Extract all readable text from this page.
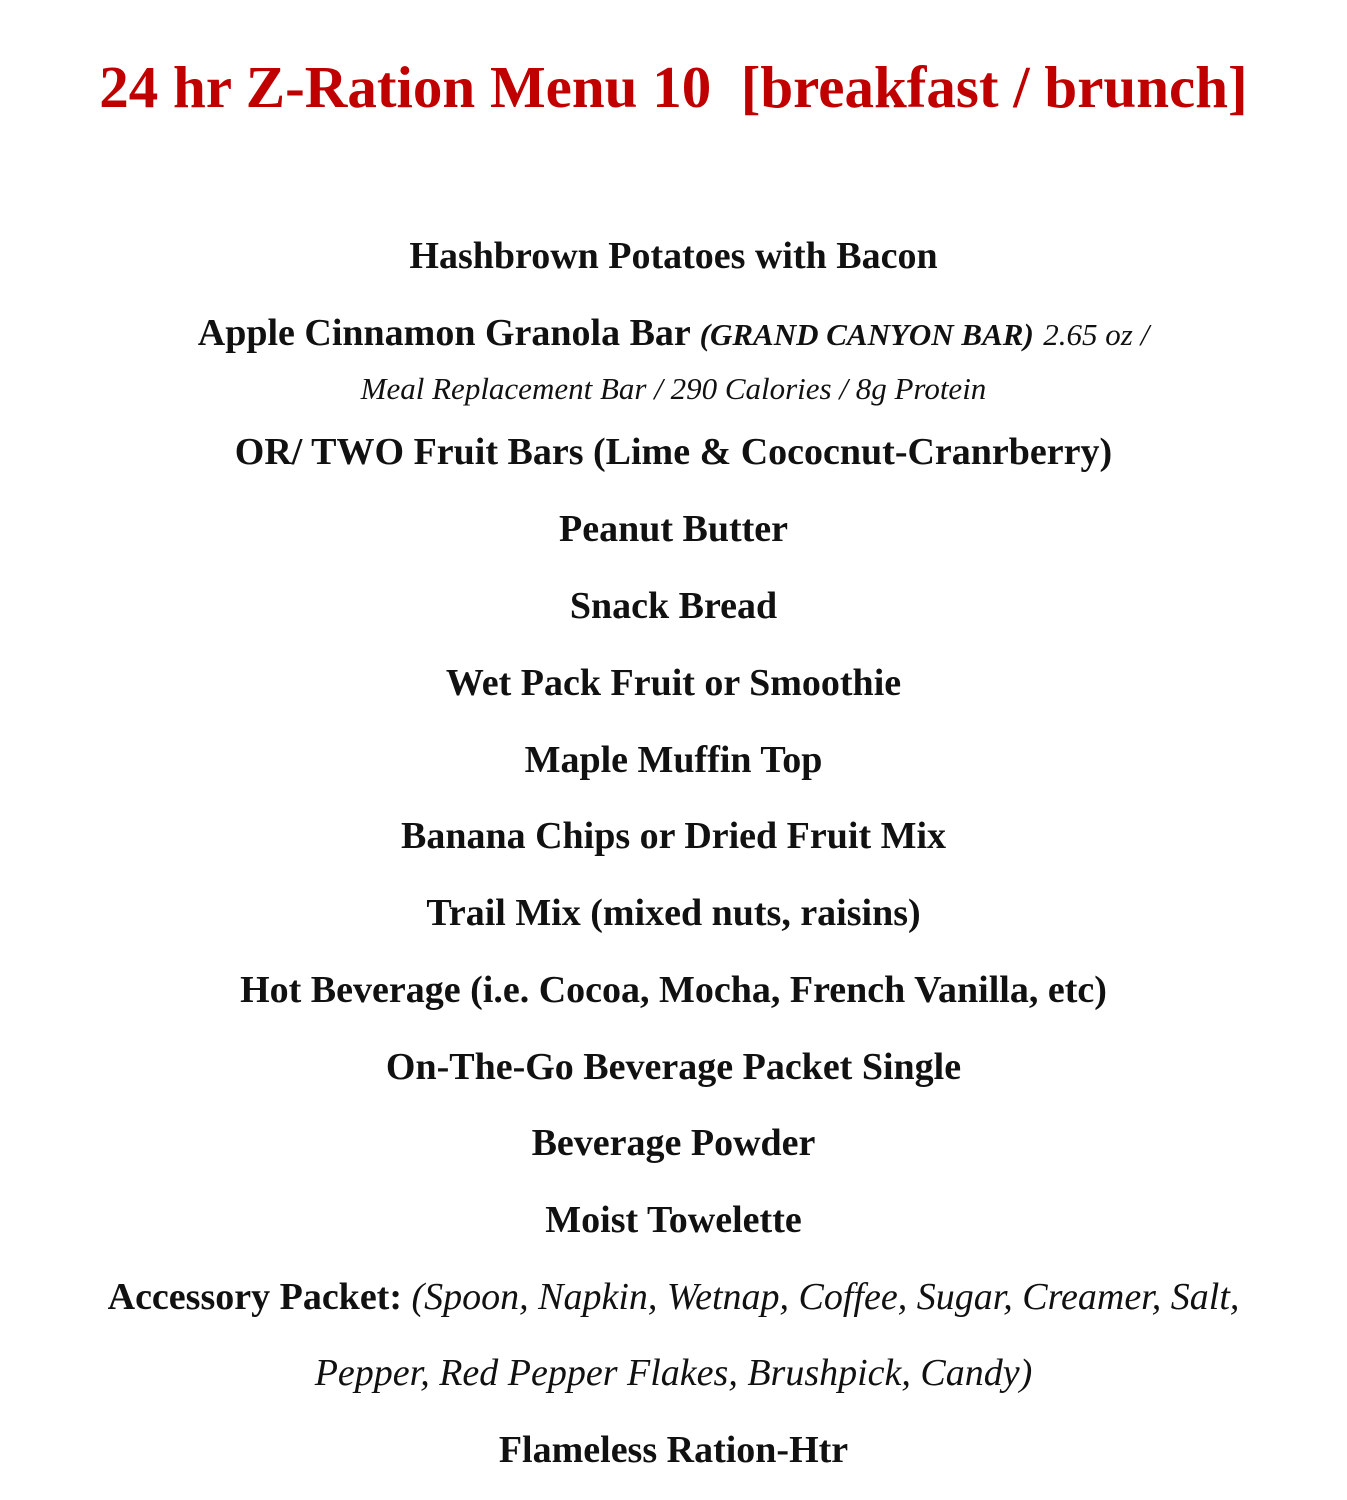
24 hr Z-Ration Menu 10  [breakfast / brunch]
Hashbrown Potatoes with Bacon
Apple Cinnamon Granola Bar (GRAND CANYON BAR) 2.65 oz /
Meal Replacement Bar / 290 Calories / 8g Protein
OR/ TWO Fruit Bars (Lime & Cococnut-Cranrberry)
Peanut Butter
Snack Bread
Wet Pack Fruit or Smoothie
Maple Muffin Top
Banana Chips or Dried Fruit Mix
Trail Mix (mixed nuts, raisins)
Hot Beverage (i.e. Cocoa, Mocha, French Vanilla, etc)
On-The-Go Beverage Packet Single
Beverage Powder
Moist Towelette
Accessory Packet: (Spoon, Napkin, Wetnap, Coffee, Sugar, Creamer, Salt,
Pepper, Red Pepper Flakes, Brushpick, Candy)
Flameless Ration-Htr
